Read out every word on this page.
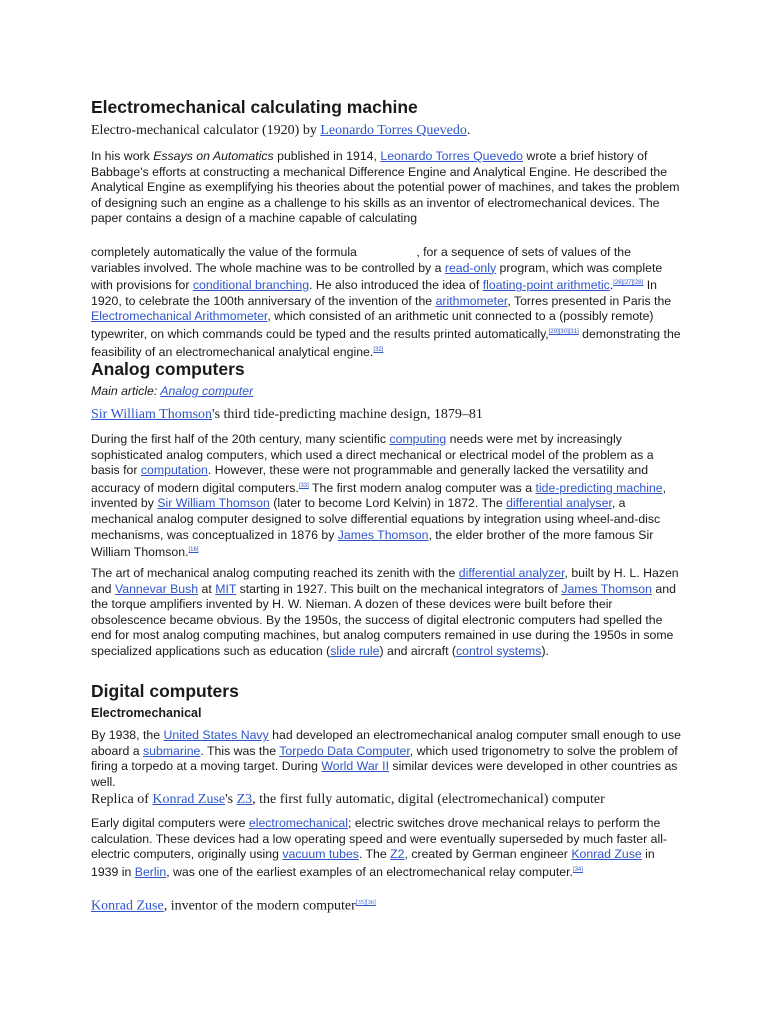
Electromechanical calculating machine

Electro-mechanical calculator (1920) by Leonardo Torres Quevedo.

In his work Essays on Automatics published in 1914, Leonardo Torres Quevedo wrote a brief history of Babbage's efforts at constructing a mechanical Difference Engine and Analytical Engine. He described the Analytical Engine as exemplifying his theories about the potential power of machines, and takes the problem of designing such an engine as a challenge to his skills as an inventor of electromechanical devices. The paper contains a design of a machine capable of calculating

completely automatically the value of the formula	, for a sequence of sets of values of the variables involved. The whole machine was to be controlled by a read-only program, which was complete with provisions for conditional branching. He also introduced the idea of floating-point arithmetic.[26][27][28] In 1920, to celebrate the 100th anniversary of the invention of the arithmometer, Torres presented in Paris the Electromechanical Arithmometer, which consisted of an arithmetic unit connected to a (possibly remote) typewriter, on which commands could be typed and the results printed automatically,[29][30][31] demonstrating the feasibility of an electromechanical analytical engine.[32]

Analog computers

Main article: Analog computer

Sir William Thomson's third tide-predicting machine design, 1879–81

During the first half of the 20th century, many scientific computing needs were met by increasingly sophisticated analog computers, which used a direct mechanical or electrical model of the problem as a basis for computation. However, these were not programmable and generally lacked the versatility and accuracy of modern digital computers.[33] The first modern analog computer was a tide-predicting machine, invented by Sir William Thomson (later to become Lord Kelvin) in 1872. The differential analyser, a mechanical analog computer designed to solve differential equations by integration using wheel-and-disc mechanisms, was conceptualized in 1876 by James Thomson, the elder brother of the more famous Sir William Thomson.[16]

The art of mechanical analog computing reached its zenith with the differential analyzer, built by H. L. Hazen and Vannevar Bush at MIT starting in 1927. This built on the mechanical integrators of James Thomson and the torque amplifiers invented by H. W. Nieman. A dozen of these devices were built before their obsolescence became obvious. By the 1950s, the success of digital electronic computers had spelled the end for most analog computing machines, but analog computers remained in use during the 1950s in some specialized applications such as education (slide rule) and aircraft (control systems).

Digital computers

Electromechanical

By 1938, the United States Navy had developed an electromechanical analog computer small enough to use aboard a submarine. This was the Torpedo Data Computer, which used trigonometry to solve the problem of firing a torpedo at a moving target. During World War II similar devices were developed in other countries as well.

Replica of Konrad Zuse's Z3, the first fully automatic, digital (electromechanical) computer

Early digital computers were electromechanical; electric switches drove mechanical relays to perform the calculation. These devices had a low operating speed and were eventually superseded by much faster all-electric computers, originally using vacuum tubes. The Z2, created by German engineer Konrad Zuse in 1939 in Berlin, was one of the earliest examples of an electromechanical relay computer.[34]

Konrad Zuse, inventor of the modern computer[35][36]
